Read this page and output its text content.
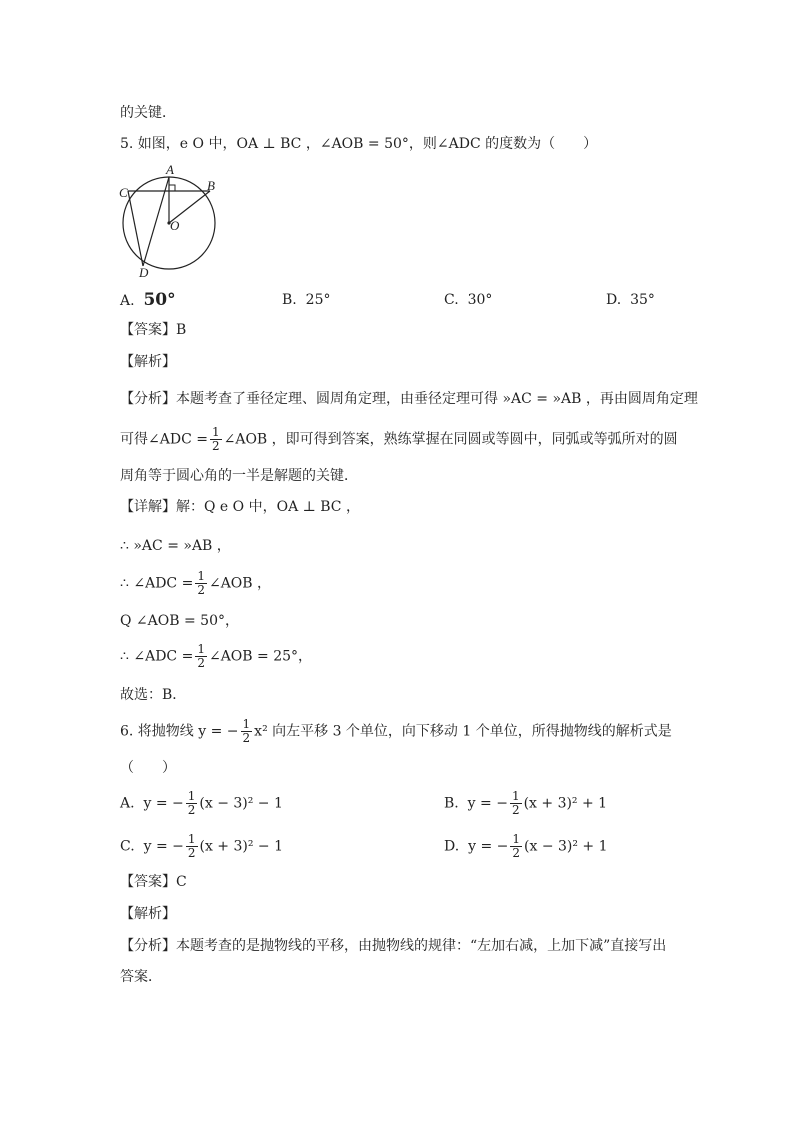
的关键．
5. 如图，e O 中，OA ⊥ BC ，∠AOB = 50°，则∠ADC 的度数为（　　）
A
B
C
O
D
A. 50°	B. 25°	C. 30°	D. 35°
【答案】B
【解析】
【分析】本题考查了垂径定理、圆周角定理，由垂径定理可得 »AC = »AB ，再由圆周角定理
可得∠ADC = $\frac{1}{2}$ ∠AOB ，即可得到答案，熟练掌握在同圆或等圆中，同弧或等弧所对的圆
周角等于圆心角的一半是解题的关键．
【详解】解：Q e O 中，OA ⊥ BC ，
∴ »AC = »AB ，
∴ ∠ADC = $\frac{1}{2}$ ∠AOB ，
Q ∠AOB = 50°，
∴ ∠ADC = $\frac{1}{2}$ ∠AOB = 25°，
故选：B．
6. 将抛物线 y = − $\frac{1}{2} x^2$ 向左平移 3 个单位，向下移动 1 个单位，所得抛物线的解析式是
（　　）
A. y = − $\frac{1}{2} (x - 3)^2 - 1$	B. y = − $\frac{1}{2} (x + 3)^2 + 1$
C. y = − $\frac{1}{2} (x + 3)^2 - 1$	D. y = − $\frac{1}{2} (x - 3)^2 + 1$
【答案】C
【解析】
【分析】本题考查的是抛物线的平移，由抛物线的规律：“左加右减，上加下减”直接写出
答案．
